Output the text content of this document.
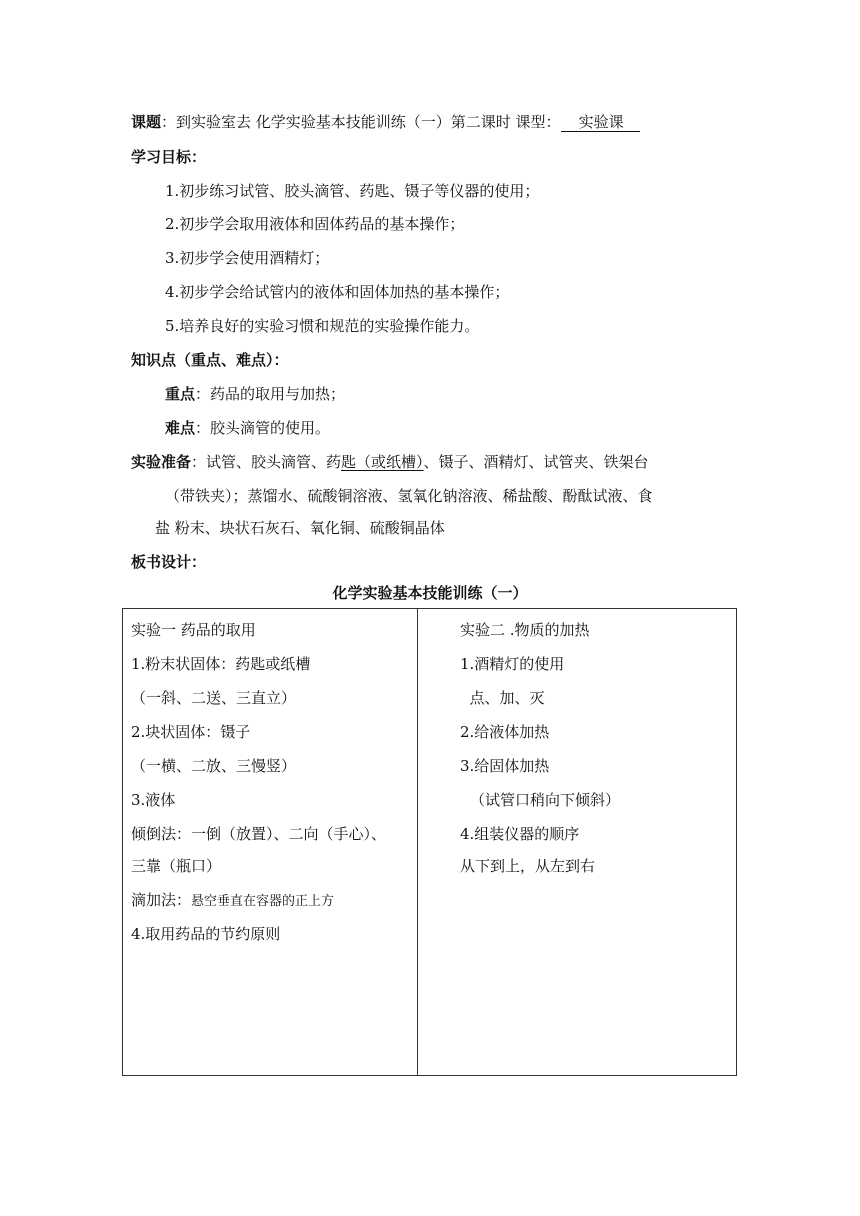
课题：到实验室去 化学实验基本技能训练（一）第二课时 课型： 实验课
学习目标：
1.初步练习试管、胶头滴管、药匙、镊子等仪器的使用；
2.初步学会取用液体和固体药品的基本操作；
3.初步学会使用酒精灯；
4.初步学会给试管内的液体和固体加热的基本操作；
5.培养良好的实验习惯和规范的实验操作能力。
知识点（重点、难点）：
重点：药品的取用与加热；
难点：胶头滴管的使用。
实验准备：试管、胶头滴管、药匙（或纸槽）、镊子、酒精灯、试管夹、铁架台
（带铁夹）；蒸馏水、硫酸铜溶液、氢氧化钠溶液、稀盐酸、酚酞试液、食
盐 粉末、块状石灰石、氧化铜、硫酸铜晶体
板书设计：
化学实验基本技能训练（一）
实验一 药品的取用
1.粉末状固体：药匙或纸槽
（一斜、二送、三直立）
2.块状固体：镊子
（一横、二放、三慢竖）
3.液体
倾倒法：一倒（放置）、二向（手心）、
三靠（瓶口）
滴加法：悬空垂直在容器的正上方
4.取用药品的节约原则
实验二 .物质的加热
1.酒精灯的使用
点、加、灭
2.给液体加热
3.给固体加热
（试管口稍向下倾斜）
4.组装仪器的顺序
从下到上，从左到右
